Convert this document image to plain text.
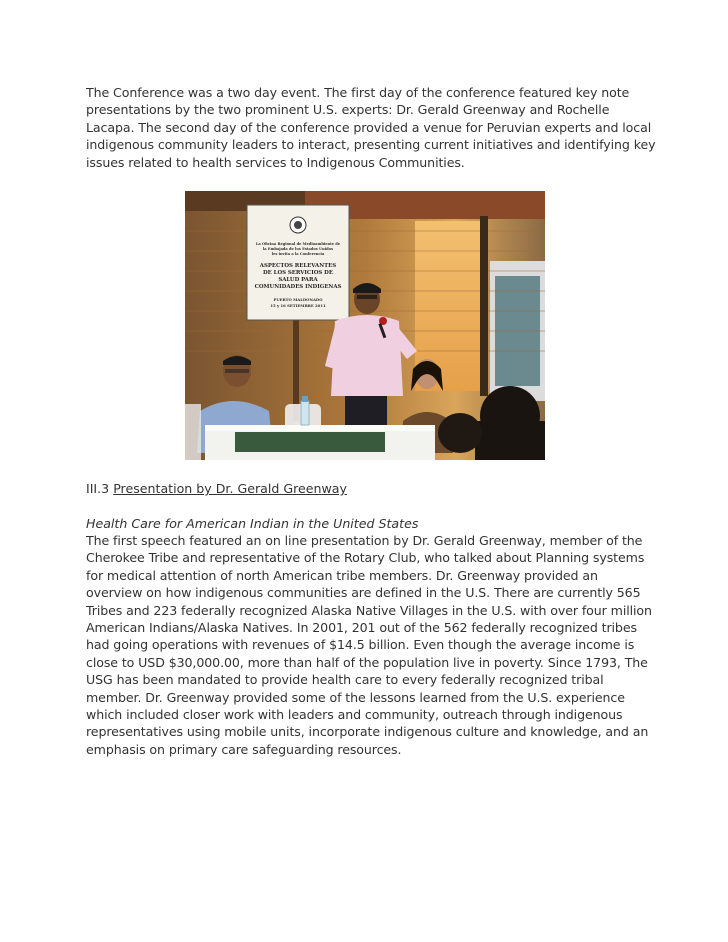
The Conference was a two day event. The first day of the conference featured key note presentations by the two prominent U.S. experts: Dr. Gerald Greenway and Rochelle Lacapa. The second day of the conference provided a venue for Peruvian experts and local indigenous community leaders to interact, presenting current initiatives and identifying key issues related to health services to Indigenous Communities.

La Oficina Regional de Medioambiente de
la Embajada de los Estados Unidos
les invita a la Conferencia
ASPECTOS RELEVANTES
DE LOS SERVICIOS DE
SALUD PARA
COMUNIDADES INDIGENAS
PUERTO MALDONADO
15 y 16 SETIEMBRE 2011
III.3 Presentation by Dr. Gerald Greenway
Health Care for American Indian in the United States

The first speech featured an on line presentation by Dr. Gerald Greenway, member of the Cherokee Tribe and representative of the Rotary Club, who talked about Planning systems for medical attention of north American tribe members. Dr. Greenway provided an overview on how indigenous communities are defined in the U.S. There are currently 565 Tribes and 223 federally recognized Alaska Native Villages in the U.S. with over four million American Indians/Alaska Natives. In 2001, 201 out of the 562 federally recognized tribes had going operations with revenues of $14.5 billion. Even though the average income is close to USD $30,000.00, more than half of the population live in poverty. Since 1793, The USG has been mandated to provide health care to every federally recognized tribal member. Dr. Greenway provided some of the lessons learned from the U.S. experience which included closer work with leaders and community, outreach through indigenous representatives using mobile units, incorporate indigenous culture and knowledge, and an emphasis on primary care safeguarding resources.
